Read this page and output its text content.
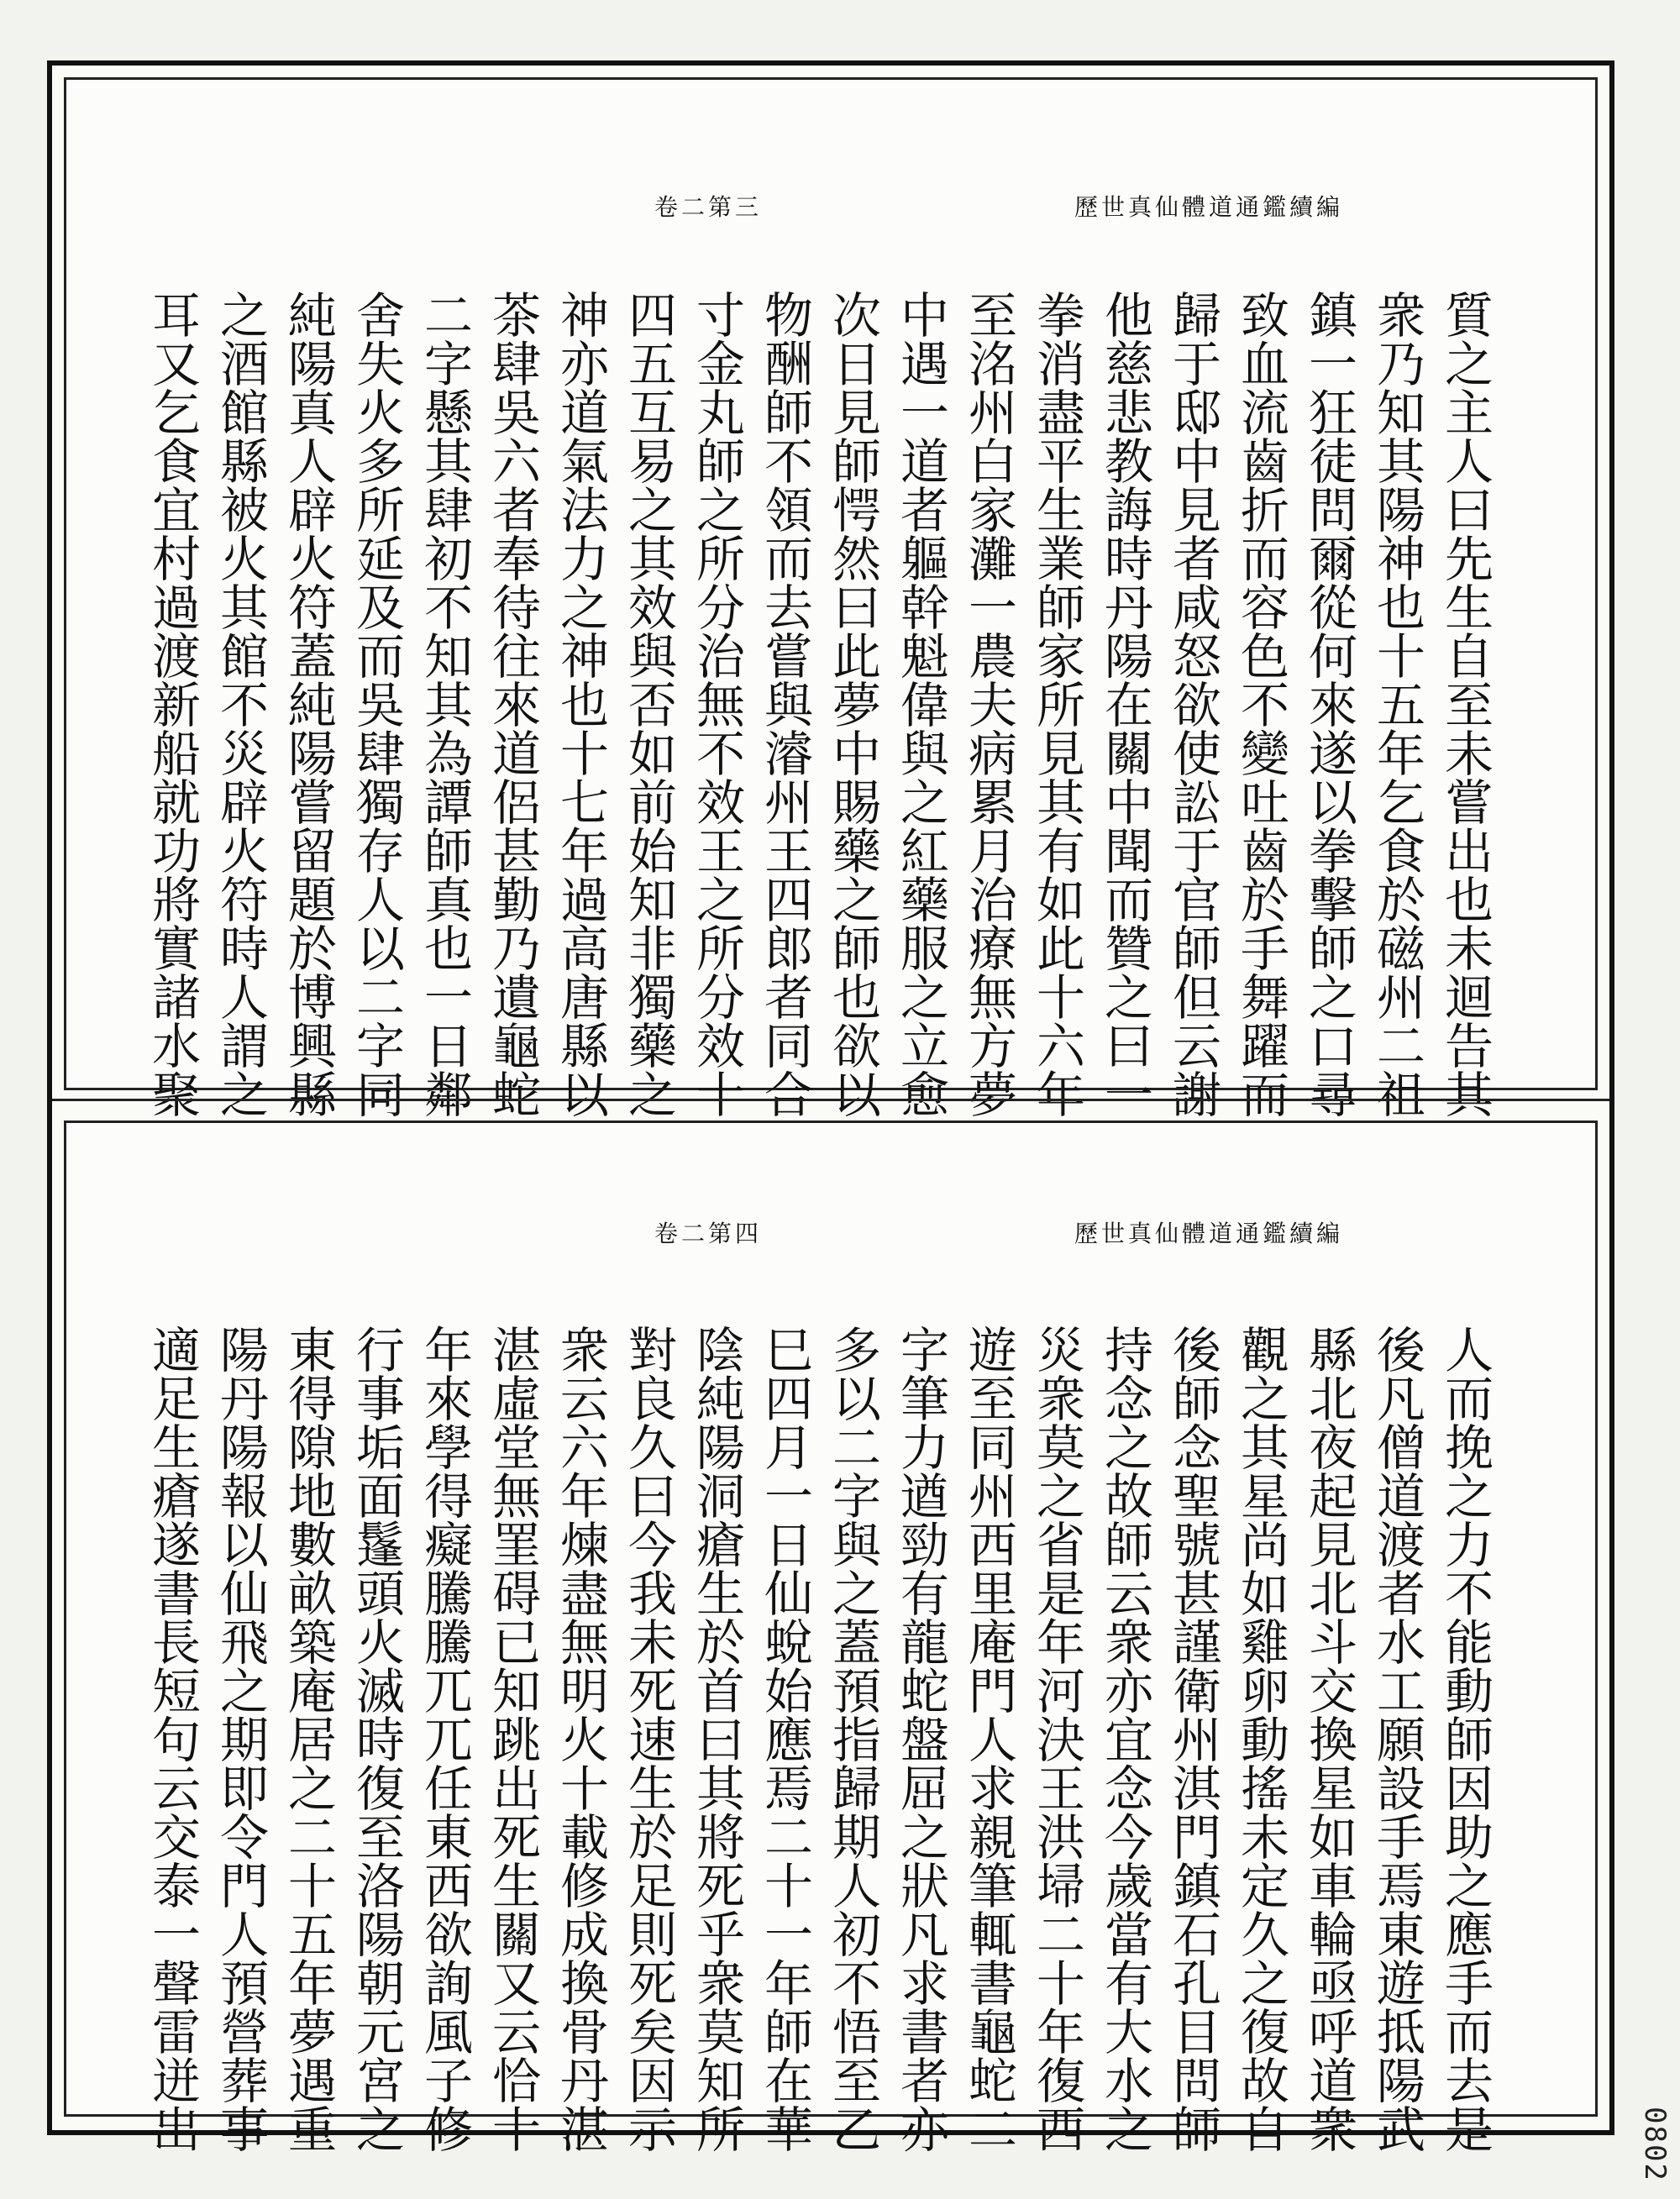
歷世真仙體道通鑑續編
卷二第三
質之主人曰先生自至未嘗出也未迴告其
衆乃知其陽神也十五年乞食於磁州二祖
鎮一狂徒問爾從何來遂以拳擊師之口尋
致血流齒折而容色不變吐齒於手舞躍而
歸于邸中見者咸怒欲使訟于官師但云謝
他慈悲教誨時丹陽在關中聞而贊之曰一
拳消盡平生業師家所見其有如此十六年
至洺州白家灘一農夫病累月治療無方夢
中遇一道者軀幹魁偉與之紅藥服之立愈
次日見師愕然曰此夢中賜藥之師也欲以
物酬師不領而去嘗與濬州王四郎者同合
寸金丸師之所分治無不效王之所分效十
四五互易之其效與否如前始知非獨藥之
神亦道氣法力之神也十七年過高唐縣以
茶肆吳六者奉待往來道侶甚勤乃遺龜蛇
二字懸其肆初不知其為譚師真也一日鄰
舍失火多所延及而吳肆獨存人以二字同
純陽真人辟火符蓋純陽嘗留題於博興縣
之酒館縣被火其館不災辟火符時人謂之
耳又乞食宜村過渡新船就功將實諸水聚
歷世真仙體道通鑑續編
卷二第四
人而挽之力不能動師因助之應手而去是
後凡僧道渡者水工願設手焉東遊抵陽武
縣北夜起見北斗交換星如車輪亟呼道衆
觀之其星尚如雞卵動搖未定久之復故自
後師念聖號甚謹衛州淇門鎮石孔目問師
持念之故師云衆亦宜念今歲當有大水之
災衆莫之省是年河決王洪埽二十年復西
遊至同州西里庵門人求親筆輒書龜蛇二
字筆力遒勁有龍蛇盤屈之狀凡求書者亦
多以二字與之蓋預指歸期人初不悟至乙
巳四月一日仙蛻始應焉二十一年師在華
陰純陽洞瘡生於首曰其將死乎衆莫知所
對良久曰今我未死速生於足則死矣因示
衆云六年煉盡無明火十載修成換骨丹湛
湛虛堂無罣碍已知跳出死生關又云恰十
年來學得癡騰騰兀兀任東西欲詢風子修
行事垢面鬔頭火滅時復至洛陽朝元宮之
東得隙地數畝築庵居之二十五年夢遇重
陽丹陽報以仙飛之期即令門人預營葬事
適足生瘡遂書長短句云交泰一聲雷迸出	0802
